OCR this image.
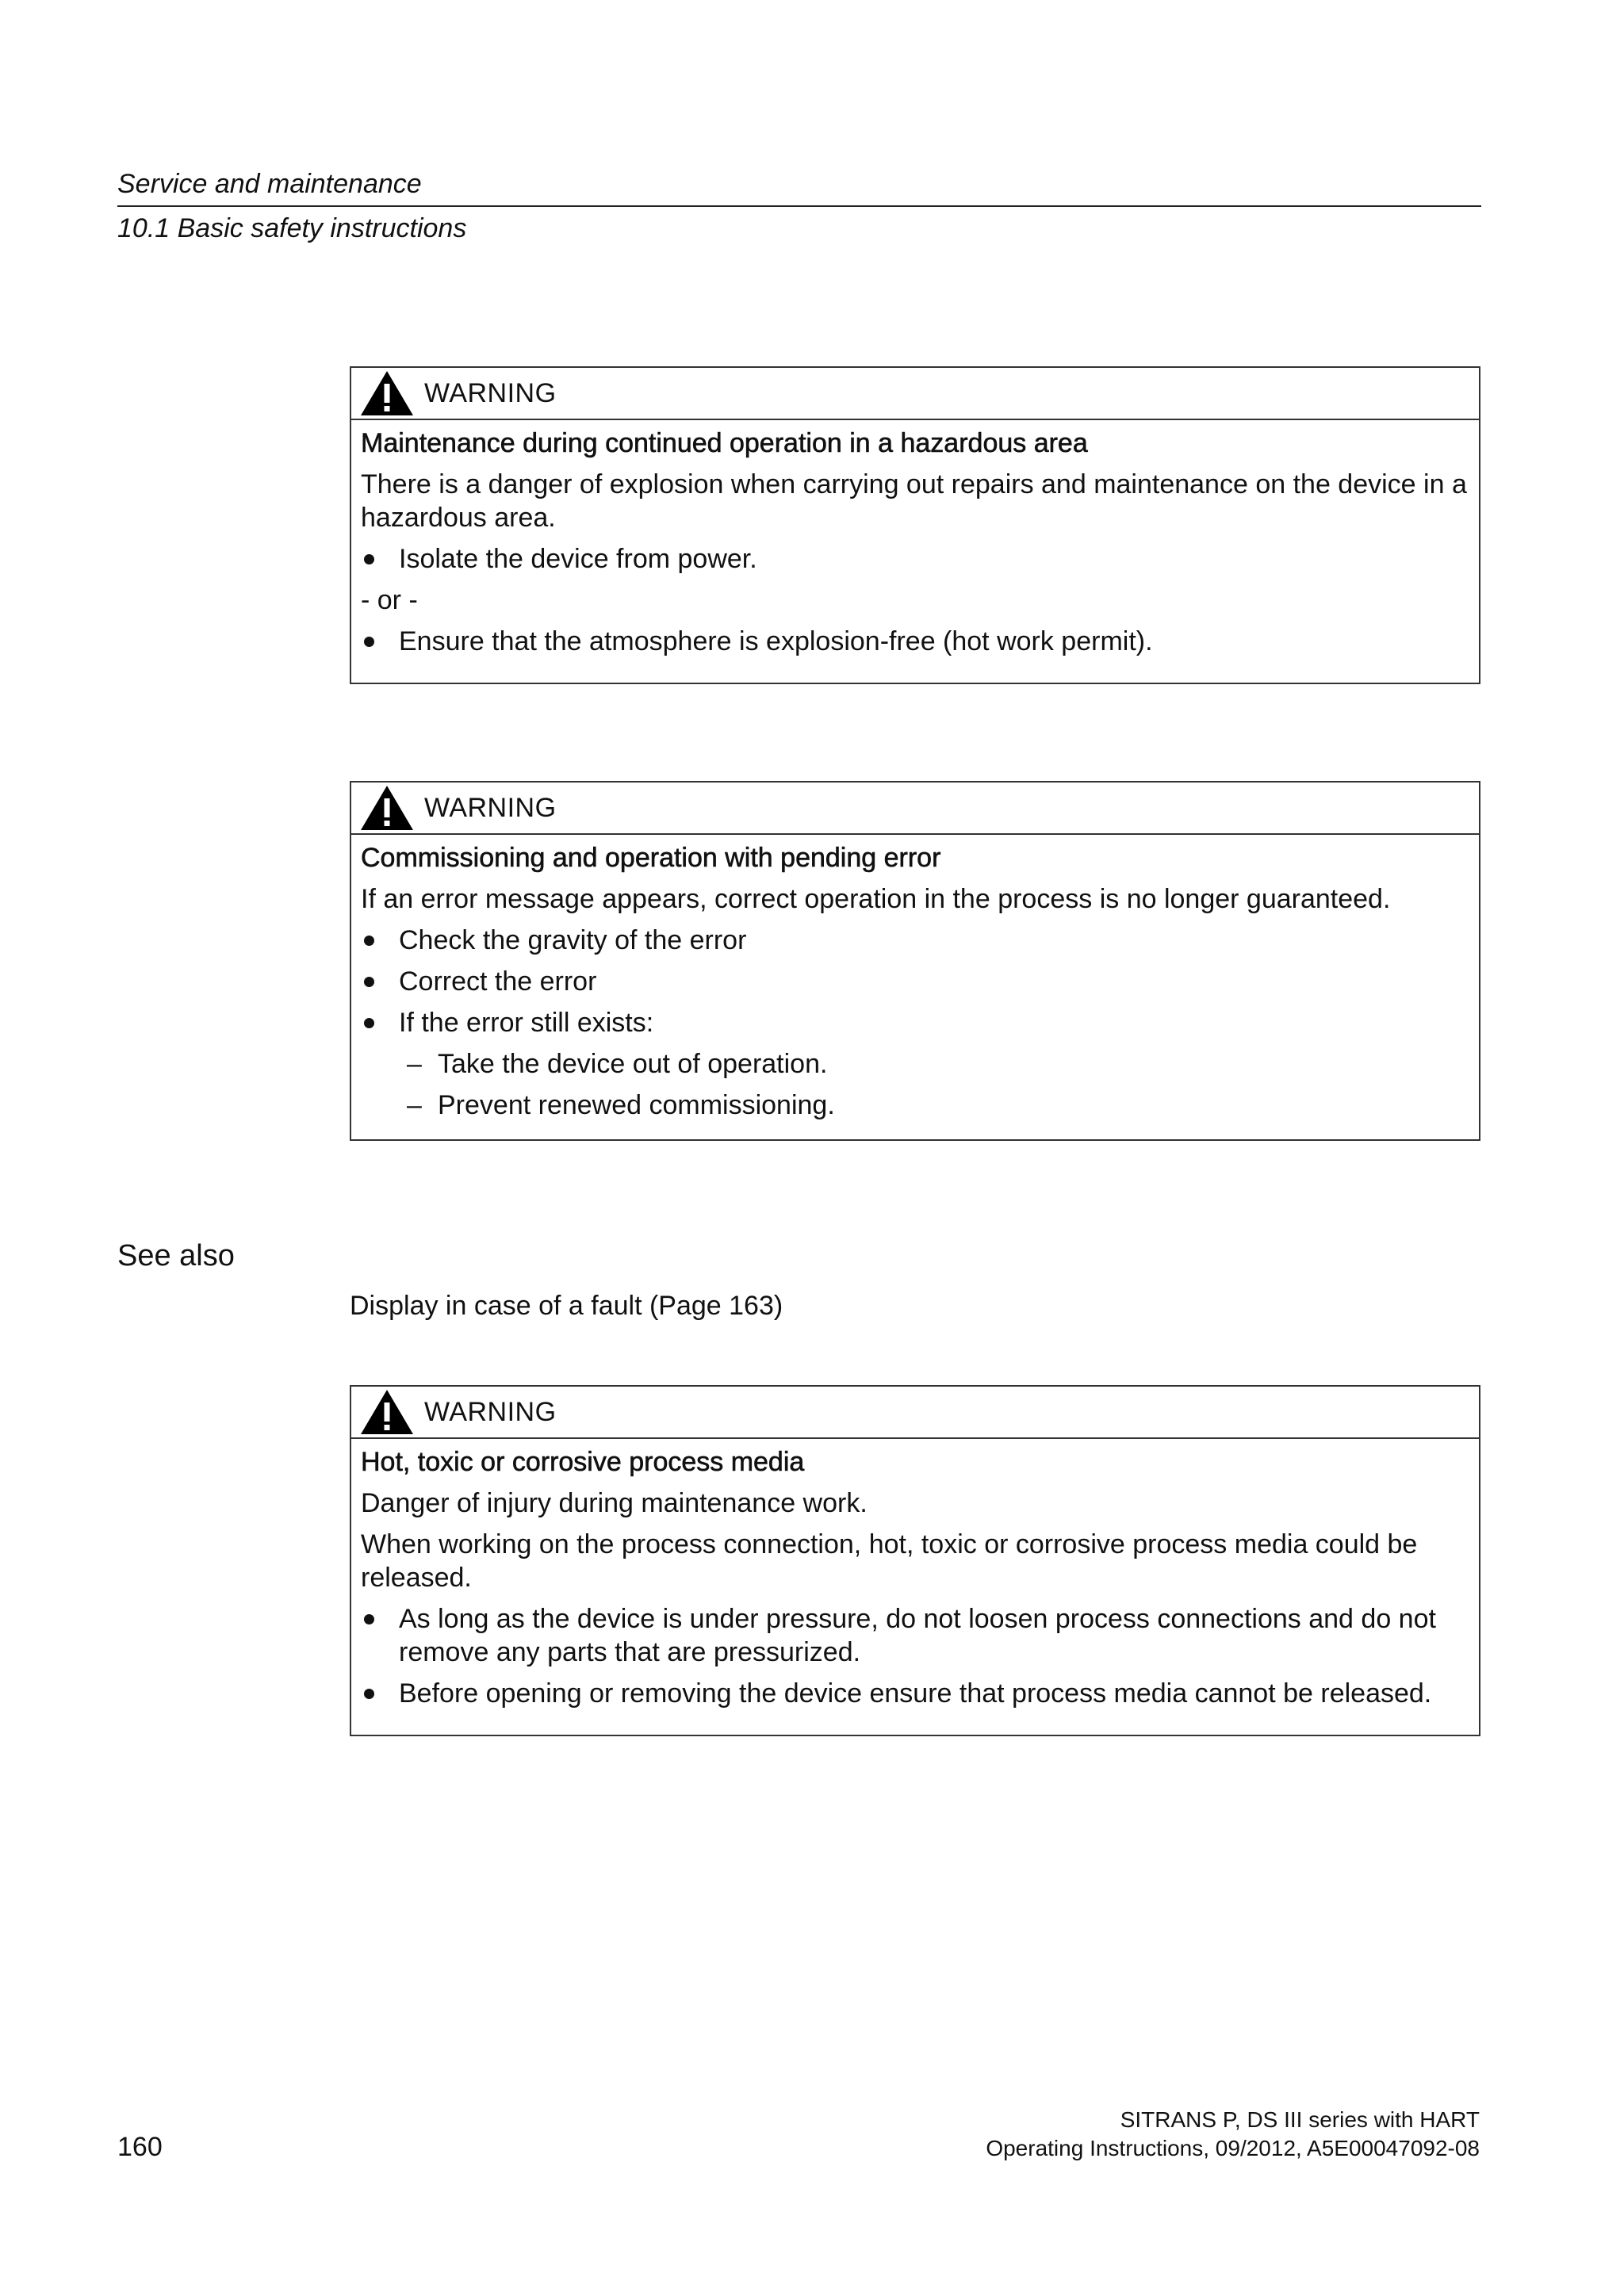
Service and maintenance
10.1 Basic safety instructions
WARNING
Maintenance during continued operation in a hazardous area
There is a danger of explosion when carrying out repairs and maintenance on the device in a hazardous area.
Isolate the device from power.
- or -
Ensure that the atmosphere is explosion-free (hot work permit).
WARNING
Commissioning and operation with pending error
If an error message appears, correct operation in the process is no longer guaranteed.
Check the gravity of the error
Correct the error
If the error still exists:
– Take the device out of operation.
– Prevent renewed commissioning.
See also
Display in case of a fault (Page 163)
WARNING
Hot, toxic or corrosive process media
Danger of injury during maintenance work.
When working on the process connection, hot, toxic or corrosive process media could be released.
As long as the device is under pressure, do not loosen process connections and do not remove any parts that are pressurized.
Before opening or removing the device ensure that process media cannot be released.
160
SITRANS P, DS III series with HART
Operating Instructions, 09/2012, A5E00047092-08
